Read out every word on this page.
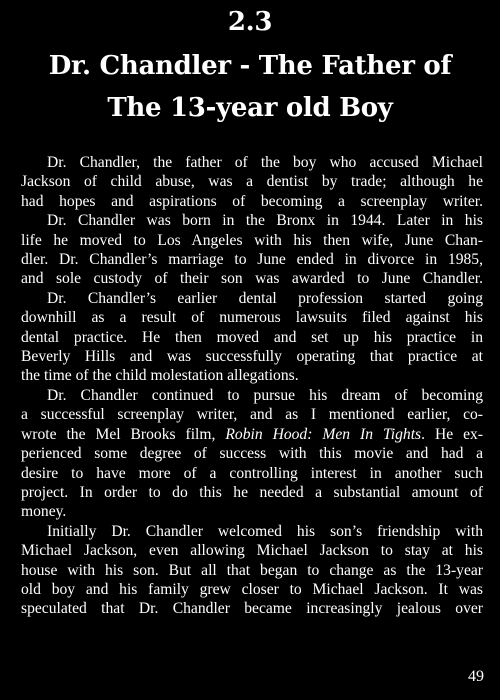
2.3
Dr. Chandler - The Father of
The 13-year old Boy
Dr. Chandler, the father of the boy who accused Michael
Jackson of child abuse, was a dentist by trade; although he
had hopes and aspirations of becoming a screenplay writer.
Dr. Chandler was born in the Bronx in 1944. Later in his
life he moved to Los Angeles with his then wife, June Chan-
dler. Dr. Chandler’s marriage to June ended in divorce in 1985,
and sole custody of their son was awarded to June Chandler.
Dr. Chandler’s earlier dental profession started going
downhill as a result of numerous lawsuits filed against his
dental practice. He then moved and set up his practice in
Beverly Hills and was successfully operating that practice at
the time of the child molestation allegations.
Dr. Chandler continued to pursue his dream of becoming
a successful screenplay writer, and as I mentioned earlier, co-
wrote the Mel Brooks film, Robin Hood: Men In Tights. He ex-
perienced some degree of success with this movie and had a
desire to have more of a controlling interest in another such
project. In order to do this he needed a substantial amount of
money.
Initially Dr. Chandler welcomed his son’s friendship with
Michael Jackson, even allowing Michael Jackson to stay at his
house with his son. But all that began to change as the 13-year
old boy and his family grew closer to Michael Jackson. It was
speculated that Dr. Chandler became increasingly jealous over
49
